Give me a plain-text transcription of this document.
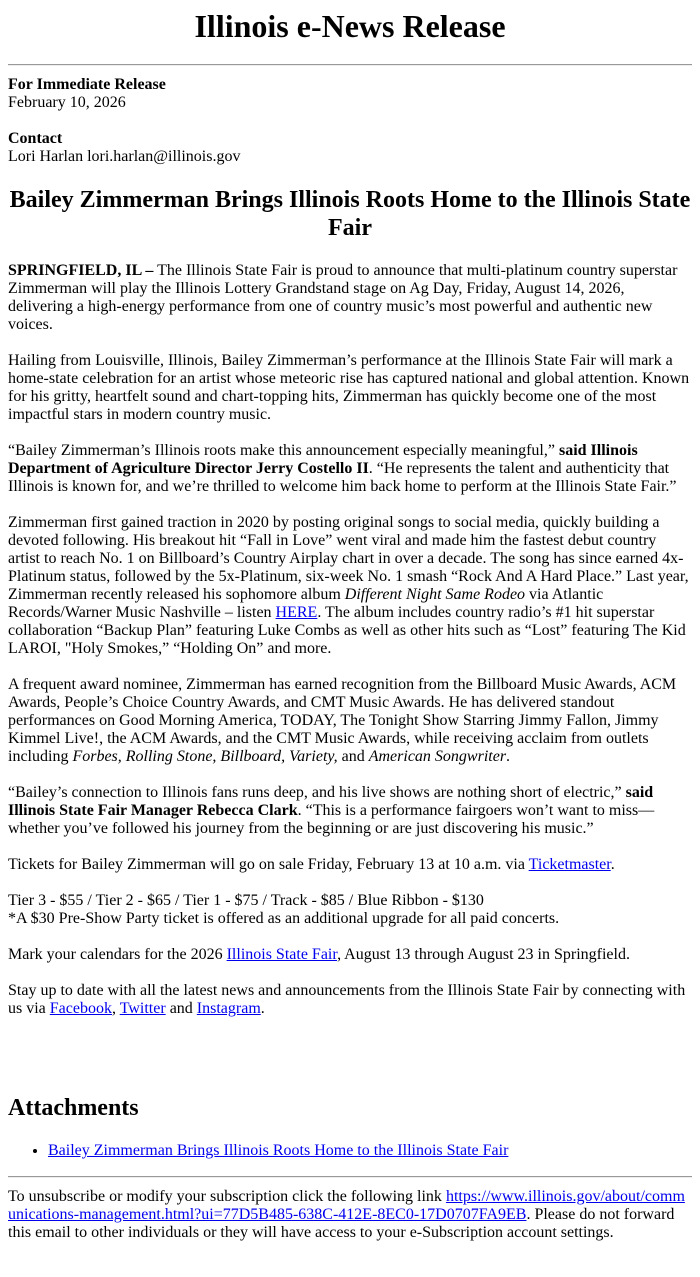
Illinois e-News Release

For Immediate Release
February 10, 2026

Contact
Lori Harlan lori.harlan@illinois.gov

Bailey Zimmerman Brings Illinois Roots Home to the Illinois State Fair

SPRINGFIELD, IL – The Illinois State Fair is proud to announce that multi-platinum country superstar Zimmerman will play the Illinois Lottery Grandstand stage on Ag Day, Friday, August 14, 2026, delivering a high-energy performance from one of country music’s most powerful and authentic new voices.

Hailing from Louisville, Illinois, Bailey Zimmerman’s performance at the Illinois State Fair will mark a home-state celebration for an artist whose meteoric rise has captured national and global attention. Known for his gritty, heartfelt sound and chart-topping hits, Zimmerman has quickly become one of the most impactful stars in modern country music.

“Bailey Zimmerman’s Illinois roots make this announcement especially meaningful,” said Illinois Department of Agriculture Director Jerry Costello II. “He represents the talent and authenticity that Illinois is known for, and we’re thrilled to welcome him back home to perform at the Illinois State Fair.”

Zimmerman first gained traction in 2020 by posting original songs to social media, quickly building a devoted following. His breakout hit “Fall in Love” went viral and made him the fastest debut country artist to reach No. 1 on Billboard’s Country Airplay chart in over a decade. The song has since earned 4x-Platinum status, followed by the 5x-Platinum, six-week No. 1 smash “Rock And A Hard Place.” Last year, Zimmerman recently released his sophomore album Different Night Same Rodeo via Atlantic Records/Warner Music Nashville – listen HERE. The album includes country radio’s #1 hit superstar collaboration “Backup Plan” featuring Luke Combs as well as other hits such as “Lost” featuring The Kid LAROI, "Holy Smokes,” “Holding On” and more.

A frequent award nominee, Zimmerman has earned recognition from the Billboard Music Awards, ACM Awards, People’s Choice Country Awards, and CMT Music Awards. He has delivered standout performances on Good Morning America, TODAY, The Tonight Show Starring Jimmy Fallon, Jimmy Kimmel Live!, the ACM Awards, and the CMT Music Awards, while receiving acclaim from outlets including Forbes, Rolling Stone, Billboard, Variety, and American Songwriter.

“Bailey’s connection to Illinois fans runs deep, and his live shows are nothing short of electric,” said Illinois State Fair Manager Rebecca Clark. “This is a performance fairgoers won’t want to miss—whether you’ve followed his journey from the beginning or are just discovering his music.”

Tickets for Bailey Zimmerman will go on sale Friday, February 13 at 10 a.m. via Ticketmaster.

Tier 3 - $55 / Tier 2 - $65 / Tier 1 - $75 / Track - $85 / Blue Ribbon - $130
*A $30 Pre-Show Party ticket is offered as an additional upgrade for all paid concerts.

Mark your calendars for the 2026 Illinois State Fair, August 13 through August 23 in Springfield.

Stay up to date with all the latest news and announcements from the Illinois State Fair by connecting with us via Facebook, Twitter and Instagram.

Attachments
• Bailey Zimmerman Brings Illinois Roots Home to the Illinois State Fair

To unsubscribe or modify your subscription click the following link https://www.illinois.gov/about/communications-management.html?ui=77D5B485-638C-412E-8EC0-17D0707FA9EB. Please do not forward this email to other individuals or they will have access to your e-Subscription account settings.
